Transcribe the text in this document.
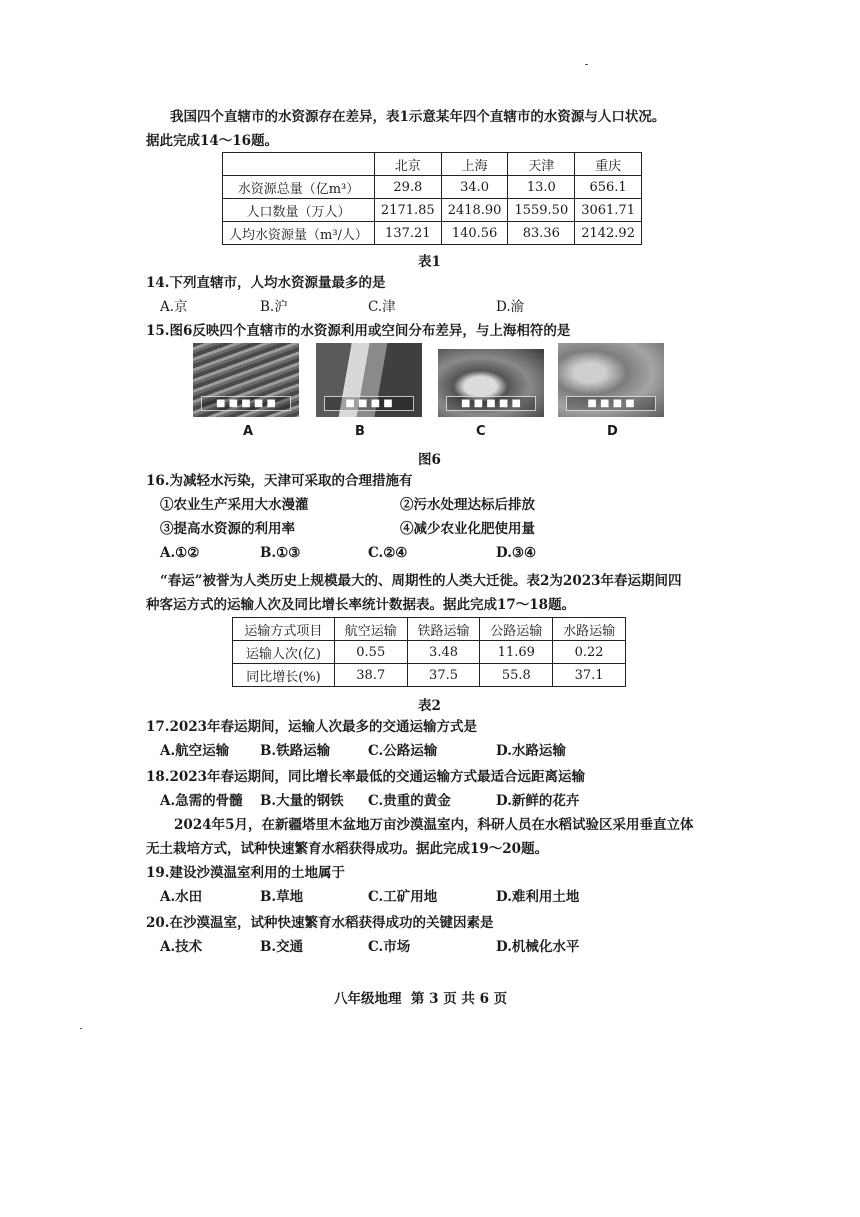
我国四个直辖市的水资源存在差异，表1示意某年四个直辖市的水资源与人口状况。
据此完成14～16题。
	北京	上海	天津	重庆
水资源总量（亿m³）	29.8	34.0	13.0	656.1
人口数量（万人）	2171.85	2418.90	1559.50	3061.71
人均水资源量（m³/人）	137.21	140.56	83.36	2142.92
表1
14.下列直辖市，人均水资源量最多的是
A.京	B.沪	C.津	D.渝
15.图6反映四个直辖市的水资源利用或空间分布差异，与上海相符的是
■ ■ ■ ■ ■	■ ■ ■ ■	■ ■ ■ ■ ■	■ ■ ■ ■
A	B	C	D
图6
16.为减轻水污染，天津可采取的合理措施有
①农业生产采用大水漫灌	②污水处理达标后排放
③提高水资源的利用率	④减少农业化肥使用量
A.①②	B.①③	C.②④	D.③④
“春运”被誉为人类历史上规模最大的、周期性的人类大迁徙。表2为2023年春运期间四
种客运方式的运输人次及同比增长率统计数据表。据此完成17～18题。
运输方式项目	航空运输	铁路运输	公路运输	水路运输
运输人次(亿)	0.55	3.48	11.69	0.22
同比增长(%)	38.7	37.5	55.8	37.1
表2
17.2023年春运期间，运输人次最多的交通运输方式是
A.航空运输 B.铁路运输	C.公路运输	D.水路运输
18.2023年春运期间，同比增长率最低的交通运输方式最适合远距离运输
A.急需的骨髓 B.大量的钢铁 C.贵重的黄金	D.新鲜的花卉
2024年5月，在新疆塔里木盆地万亩沙漠温室内，科研人员在水稻试验区采用垂直立体
无土栽培方式，试种快速繁育水稻获得成功。据此完成19～20题。
19.建设沙漠温室利用的土地属于
A.水田	B.草地	C.工矿用地	D.难利用土地
20.在沙漠温室，试种快速繁育水稻获得成功的关键因素是
A.技术	B.交通	C.市场	D.机械化水平
八年级地理  第 3 页 共 6 页
